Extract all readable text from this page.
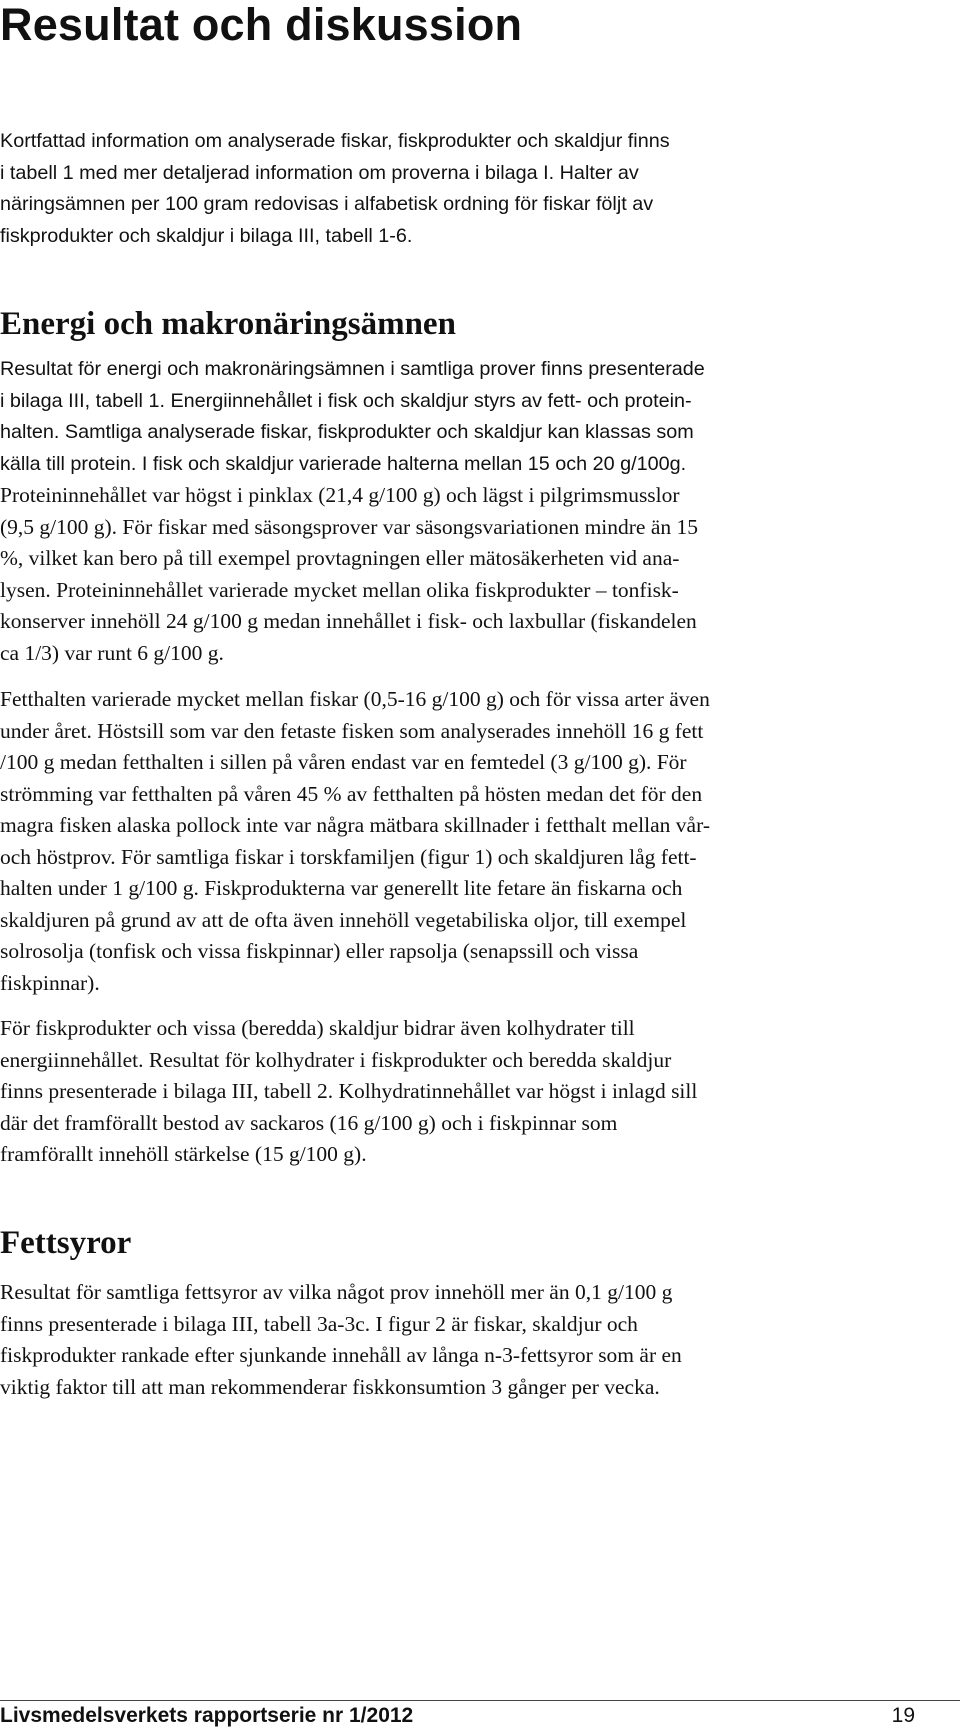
Resultat och diskussion
Kortfattad information om analyserade fiskar, fiskprodukter och skaldjur finns
i tabell 1 med mer detaljerad information om proverna i bilaga I. Halter av
näringsämnen per 100 gram redovisas i alfabetisk ordning för fiskar följt av
fiskprodukter och skaldjur i bilaga III, tabell 1-6.
Energi och makronäringsämnen
Resultat för energi och makronäringsämnen i samtliga prover finns presenterade
i bilaga III, tabell 1. Energiinnehållet i fisk och skaldjur styrs av fett- och protein-
halten. Samtliga analyserade fiskar, fiskprodukter och skaldjur kan klassas som
källa till protein. I fisk och skaldjur varierade halterna mellan 15 och 20 g/100g.
Proteininnehållet var högst i pinklax (21,4 g/100 g) och lägst i pilgrimsmusslor
(9,5 g/100 g). För fiskar med säsongsprover var säsongsvariationen mindre än 15
%, vilket kan bero på till exempel provtagningen eller mätosäkerheten vid ana-
lysen. Proteininnehållet varierade mycket mellan olika fiskprodukter – tonfisk-
konserver innehöll 24 g/100 g medan innehållet i fisk- och laxbullar (fiskandelen
ca 1/3) var runt 6 g/100 g.
Fetthalten varierade mycket mellan fiskar (0,5-16 g/100 g) och för vissa arter även
under året. Höstsill som var den fetaste fisken som analyserades innehöll 16 g fett
/100 g medan fetthalten i sillen på våren endast var en femtedel (3 g/100 g). För
strömming var fetthalten på våren 45 % av fetthalten på hösten medan det för den
magra fisken alaska pollock inte var några mätbara skillnader i fetthalt mellan vår-
och höstprov. För samtliga fiskar i torskfamiljen (figur 1) och skaldjuren låg fett-
halten under 1 g/100 g. Fiskprodukterna var generellt lite fetare än fiskarna och
skaldjuren på grund av att de ofta även innehöll vegetabiliska oljor, till exempel
solrosolja (tonfisk och vissa fiskpinnar) eller rapsolja (senapssill och vissa
fiskpinnar).
För fiskprodukter och vissa (beredda) skaldjur bidrar även kolhydrater till
energiinnehållet. Resultat för kolhydrater i fiskprodukter och beredda skaldjur
finns presenterade i bilaga III, tabell 2. Kolhydratinnehållet var högst i inlagd sill
där det framförallt bestod av sackaros (16 g/100 g) och i fiskpinnar som
framförallt innehöll stärkelse (15 g/100 g).
Fettsyror
Resultat för samtliga fettsyror av vilka något prov innehöll mer än 0,1 g/100 g
finns presenterade i bilaga III, tabell 3a-3c. I figur 2 är fiskar, skaldjur och
fiskprodukter rankade efter sjunkande innehåll av långa n-3-fettsyror som är en
viktig faktor till att man rekommenderar fiskkonsumtion 3 gånger per vecka.
Livsmedelsverkets rapportserie nr 1/2012	19
